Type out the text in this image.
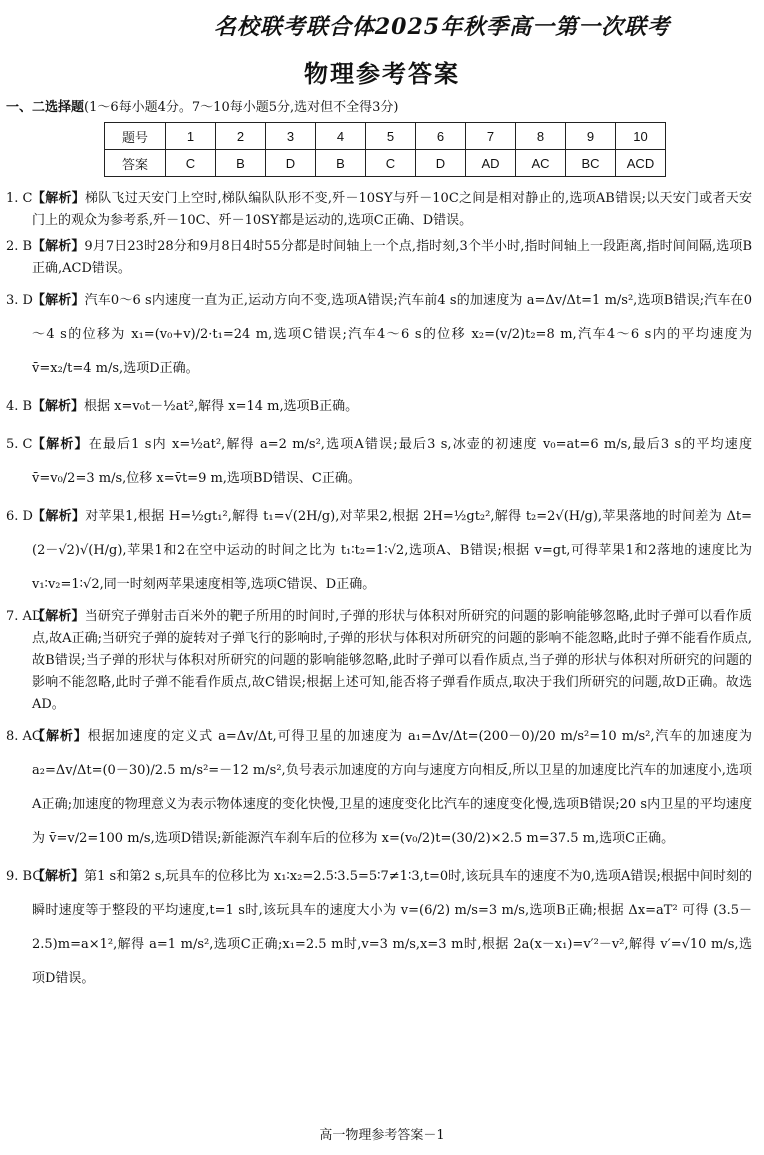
名校联考联合体2025年秋季高一第一次联考
物理参考答案
一、二选择题(1～6每小题4分。7～10每小题5分,选对但不全得3分)
题号	1	2	3	4	5	6	7	8	9	10
答案	C	B	D	B	C	D	AD	AC	BC	ACD
1. C 【 解析 】 梯队飞过天安门上空时,梯队编队队形不变,歼－10SY与歼－10C之间是相对静止的,选项AB错误;以天安门或者天安门上的观众为参考系,歼－10C、歼－10SY都是运动的,选项C正确、D错误。
2. B 【 解析 】 9月7日23时28分和9月8日4时55分都是时间轴上一个点,指时刻,3个半小时,指时间轴上一段距离,指时间间隔,选项B正确,ACD错误。
3. D 【 解析 】 汽车0～6 s内速度一直为正,运动方向不变,选项A错误;汽车前4 s的加速度为 a=Δv/Δt=1 m/s²,选项B错误;汽车在0～4 s的位移为 x₁=(v₀+v)/2·t₁=24 m,选项C错误;汽车4～6 s的位移 x₂=(v/2)t₂=8 m,汽车4～6 s内的平均速度为 v̄=x₂/t=4 m/s,选项D正确。
4. B 【 解析 】 根据 x=v₀t－½at²,解得 x=14 m,选项B正确。
5. C 【 解析 】 在最后1 s内 x=½at²,解得 a=2 m/s²,选项A错误;最后3 s,冰壶的初速度 v₀=at=6 m/s,最后3 s的平均速度 v̄=v₀/2=3 m/s,位移 x=v̄t=9 m,选项BD错误、C正确。
6. D 【 解析 】 对苹果1,根据 H=½gt₁²,解得 t₁=√(2H/g),对苹果2,根据 2H=½gt₂²,解得 t₂=2√(H/g),苹果落地的时间差为 Δt=(2－√2)√(H/g),苹果1和2在空中运动的时间之比为 t₁∶t₂=1∶√2,选项A、B错误;根据 v=gt,可得苹果1和2落地的速度比为 v₁∶v₂=1∶√2,同一时刻两苹果速度相等,选项C错误、D正确。
7. AD 【 解析 】 当研究子弹射击百米外的靶子所用的时间时,子弹的形状与体积对所研究的问题的影响能够忽略,此时子弹可以看作质点,故A正确;当研究子弹的旋转对子弹飞行的影响时,子弹的形状与体积对所研究的问题的影响不能忽略,此时子弹不能看作质点,故B错误;当子弹的形状与体积对所研究的问题的影响能够忽略,此时子弹可以看作质点,当子弹的形状与体积对所研究的问题的影响不能忽略,此时子弹不能看作质点,故C错误;根据上述可知,能否将子弹看作质点,取决于我们所研究的问题,故D正确。故选AD。
8. AC 【 解析 】 根据加速度的定义式 a=Δv/Δt,可得卫星的加速度为 a₁=Δv/Δt=(200－0)/20 m/s²=10 m/s²,汽车的加速度为 a₂=Δv/Δt=(0－30)/2.5 m/s²=－12 m/s²,负号表示加速度的方向与速度方向相反,所以卫星的加速度比汽车的加速度小,选项A正确;加速度的物理意义为表示物体速度的变化快慢,卫星的速度变化比汽车的速度变化慢,选项B错误;20 s内卫星的平均速度为 v̄=v/2=100 m/s,选项D错误;新能源汽车刹车后的位移为 x=(v₀/2)t=(30/2)×2.5 m=37.5 m,选项C正确。
9. BC 【 解析 】 第1 s和第2 s,玩具车的位移比为 x₁∶x₂=2.5∶3.5=5∶7≠1∶3,t=0时,该玩具车的速度不为0,选项A错误;根据中间时刻的瞬时速度等于整段的平均速度,t=1 s时,该玩具车的速度大小为 v=(6/2) m/s=3 m/s,选项B正确;根据 Δx=aT² 可得 (3.5－2.5)m=a×1²,解得 a=1 m/s²,选项C正确;x₁=2.5 m时,v=3 m/s,x=3 m时,根据 2a(x－x₁)=v′²－v²,解得 v′=√10 m/s,选项D错误。
高一物理参考答案－1
